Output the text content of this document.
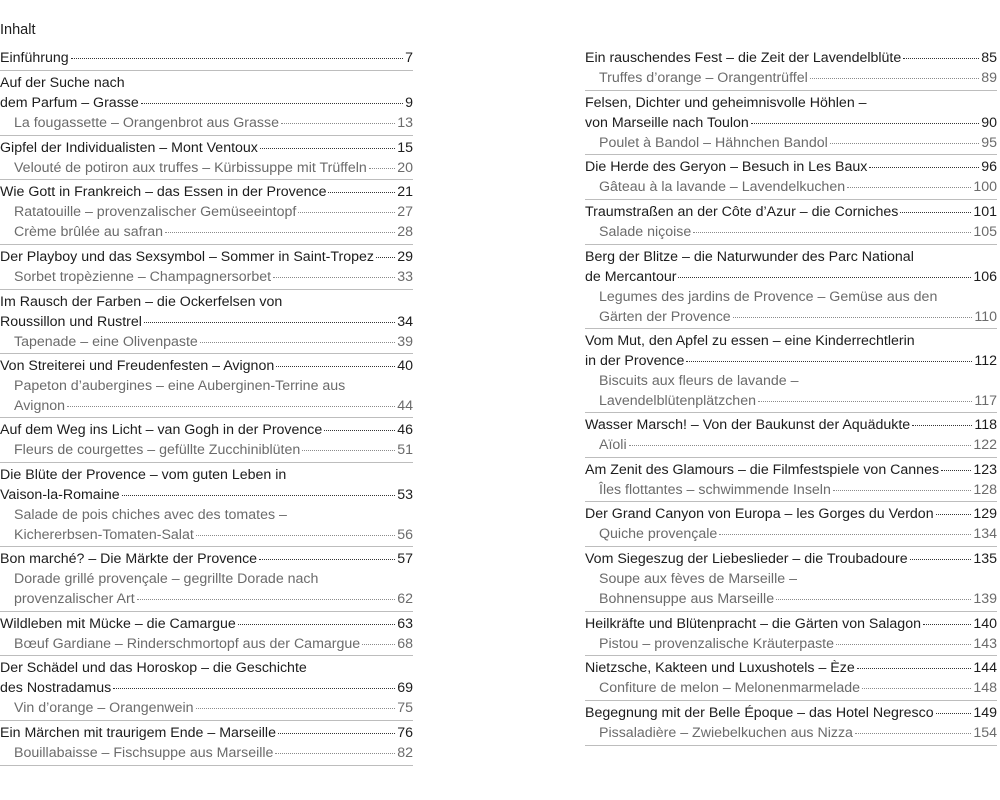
Inhalt
Einführung	7
Auf der Suche nach
dem Parfum – Grasse	9
La fougassette – Orangenbrot aus Grasse	13
Gipfel der Individualisten – Mont Ventoux	15
Velouté de potiron aux truffes – Kürbissuppe mit Trüffeln 20
Wie Gott in Frankreich – das Essen in der Provence	21
Ratatouille – provenzalischer Gemüseeintopf	27
Crème brûlée au safran	28
Der Playboy und das Sexsymbol – Sommer in Saint-Tropez 29
Sorbet tropèzienne – Champagnersorbet	33
Im Rausch der Farben – die Ockerfelsen von
Roussillon und Rustrel	34
Tapenade – eine Olivenpaste	39
Von Streiterei und Freudenfesten – Avignon	40
Papeton d’aubergines – eine Auberginen-Terrine aus
Avignon	44
Auf dem Weg ins Licht – van Gogh in der Provence	46
Fleurs de courgettes – gefüllte Zucchiniblüten	51
Die Blüte der Provence – vom guten Leben in
Vaison-la-Romaine	53
Salade de pois chiches avec des tomates –
Kichererbsen-Tomaten-Salat	56
Bon marché? – Die Märkte der Provence	57
Dorade grillé provençale – gegrillte Dorade nach
provenzalischer Art	62
Wildleben mit Mücke – die Camargue	63
Bœuf Gardiane – Rinderschmortopf aus der Camargue	68
Der Schädel und das Horoskop – die Geschichte
des Nostradamus	69
Vin d’orange – Orangenwein	75
Ein Märchen mit traurigem Ende – Marseille	76
Bouillabaisse – Fischsuppe aus Marseille	82
Ein rauschendes Fest – die Zeit der Lavendelblüte	85
Truffes d’orange – Orangentrüffel	89
Felsen, Dichter und geheimnisvolle Höhlen –
von Marseille nach Toulon	90
Poulet à Bandol – Hähnchen Bandol	95
Die Herde des Geryon – Besuch in Les Baux	96
Gâteau à la lavande – Lavendelkuchen	100
Traumstraßen an der Côte d’Azur – die Corniches	101
Salade niçoise	105
Berg der Blitze – die Naturwunder des Parc National
de Mercantour	106
Legumes des jardins de Provence – Gemüse aus den
Gärten der Provence	110
Vom Mut, den Apfel zu essen – eine Kinderrechtlerin
in der Provence	112
Biscuits aux fleurs de lavande –
Lavendelblütenplätzchen	117
Wasser Marsch! – Von der Baukunst der Aquädukte	118
Aïoli	122
Am Zenit des Glamours – die Filmfestspiele von Cannes 123
Îles flottantes – schwimmende Inseln	128
Der Grand Canyon von Europa – les Gorges du Verdon	129
Quiche provençale	134
Vom Siegeszug der Liebeslieder – die Troubadoure	135
Soupe aux fèves de Marseille –
Bohnensuppe aus Marseille	139
Heilkräfte und Blütenpracht – die Gärten von Salagon	140
Pistou – provenzalische Kräuterpaste	143
Nietzsche, Kakteen und Luxushotels – Èze	144
Confiture de melon – Melonenmarmelade	148
Begegnung mit der Belle Époque – das Hotel Negresco	149
Pissaladière – Zwiebelkuchen aus Nizza	154
